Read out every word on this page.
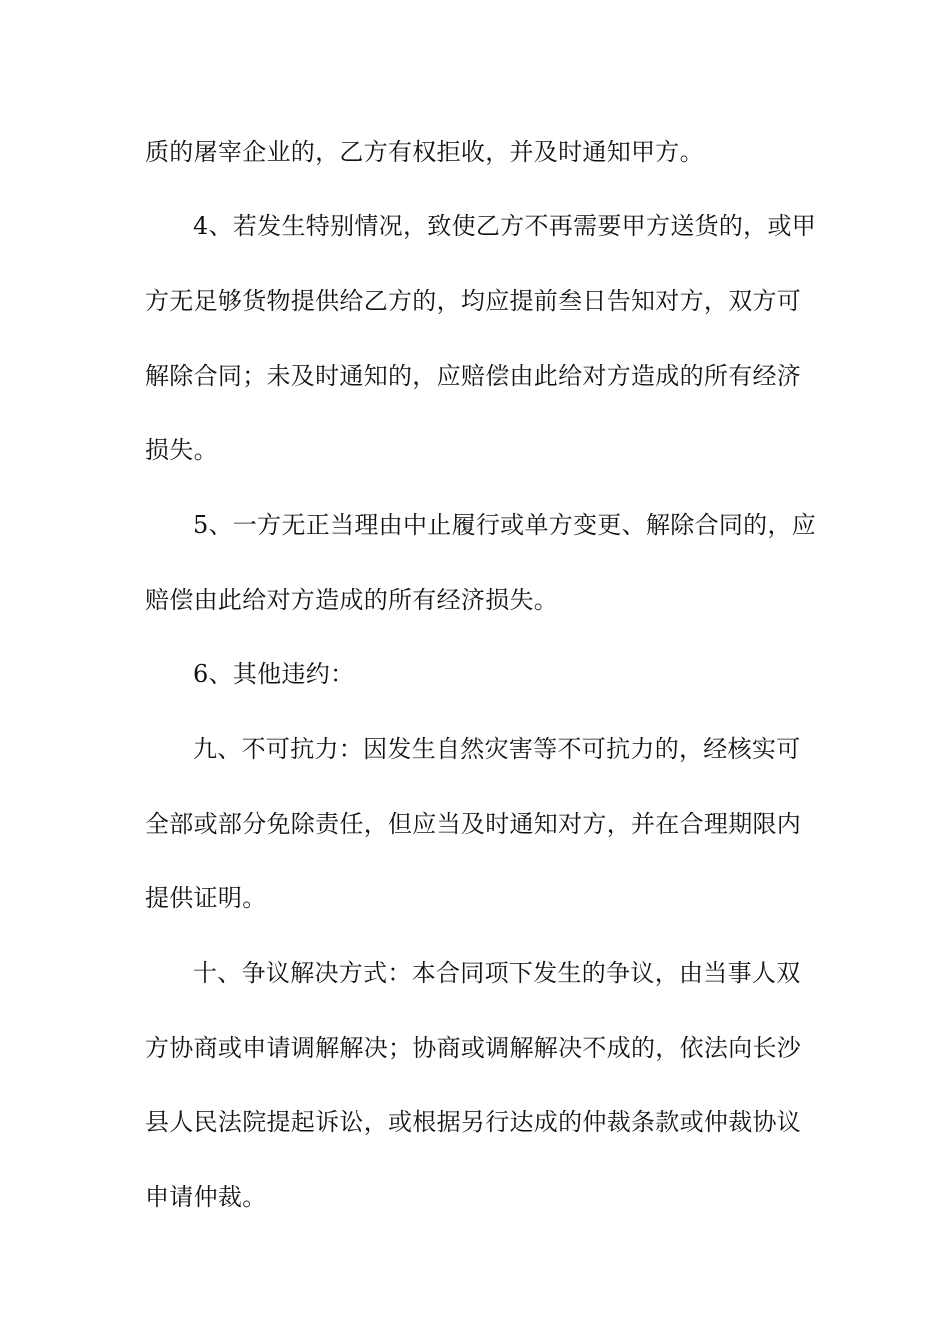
质的屠宰企业的，乙方有权拒收，并及时通知甲方。
4、若发生特别情况，致使乙方不再需要甲方送货的，或甲
方无足够货物提供给乙方的，均应提前叁日告知对方，双方可
解除合同；未及时通知的，应赔偿由此给对方造成的所有经济
损失。
5、一方无正当理由中止履行或单方变更、解除合同的，应
赔偿由此给对方造成的所有经济损失。
6、其他违约：
九、不可抗力：因发生自然灾害等不可抗力的，经核实可
全部或部分免除责任，但应当及时通知对方，并在合理期限内
提供证明。
十、争议解决方式：本合同项下发生的争议，由当事人双
方协商或申请调解解决；协商或调解解决不成的，依法向长沙
县人民法院提起诉讼，或根据另行达成的仲裁条款或仲裁协议
申请仲裁。
